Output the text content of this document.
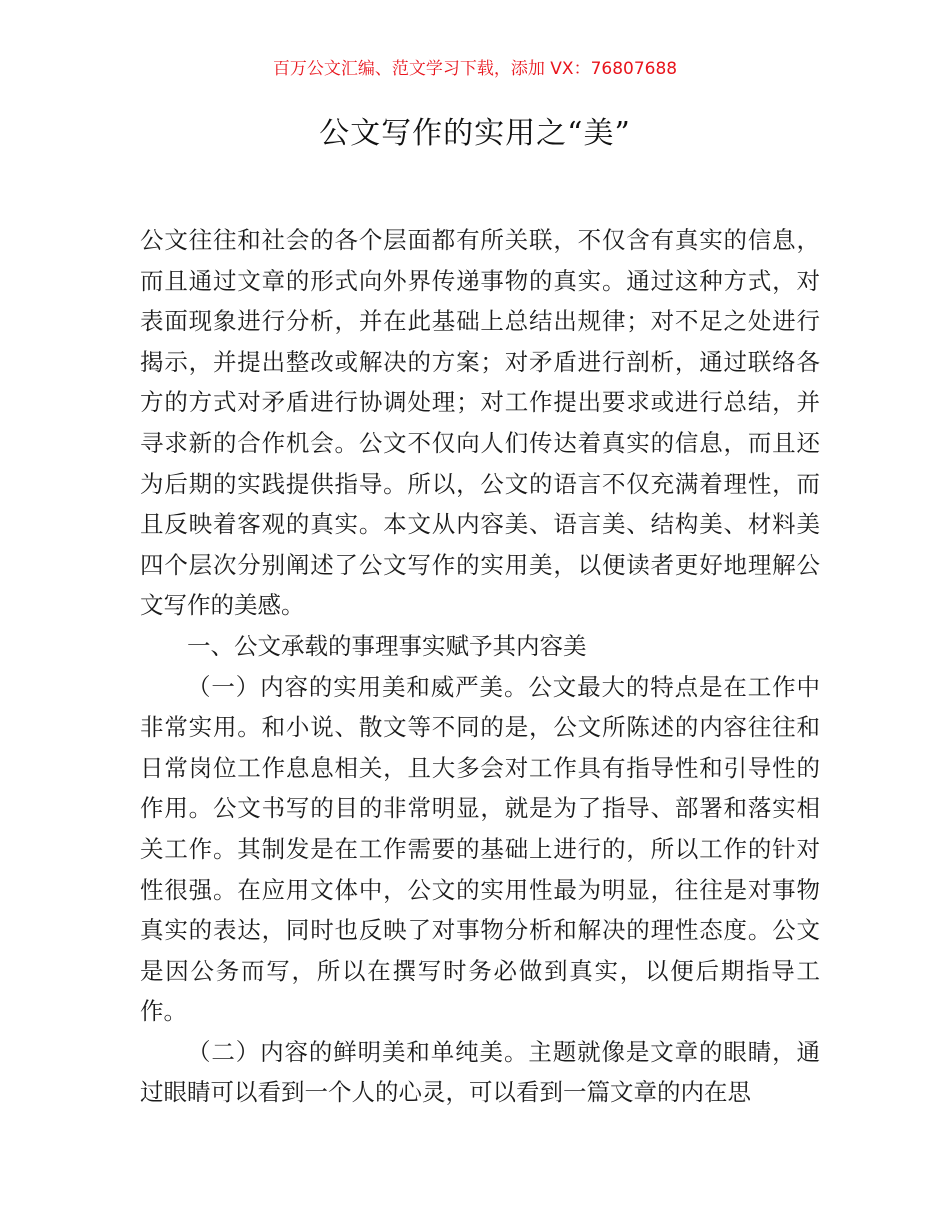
百万公文汇编、范文学习下载，添加 VX：76807688
公文写作的实用之“美”

公文往往和社会的各个层面都有所关联，不仅含有真实的信息，而且通过文章的形式向外界传递事物的真实。通过这种方式，对表面现象进行分析，并在此基础上总结出规律；对不足之处进行揭示，并提出整改或解决的方案；对矛盾进行剖析，通过联络各方的方式对矛盾进行协调处理；对工作提出要求或进行总结，并寻求新的合作机会。公文不仅向人们传达着真实的信息，而且还为后期的实践提供指导。所以，公文的语言不仅充满着理性，而且反映着客观的真实。本文从内容美、语言美、结构美、材料美四个层次分别阐述了公文写作的实用美，以便读者更好地理解公文写作的美感。

一、公文承载的事理事实赋予其内容美

（一）内容的实用美和威严美。公文最大的特点是在工作中非常实用。和小说、散文等不同的是，公文所陈述的内容往往和日常岗位工作息息相关，且大多会对工作具有指导性和引导性的作用。公文书写的目的非常明显，就是为了指导、部署和落实相关工作。其制发是在工作需要的基础上进行的，所以工作的针对性很强。在应用文体中，公文的实用性最为明显，往往是对事物真实的表达，同时也反映了对事物分析和解决的理性态度。公文是因公务而写，所以在撰写时务必做到真实，以便后期指导工作。

（二）内容的鲜明美和单纯美。主题就像是文章的眼睛，通过眼睛可以看到一个人的心灵，可以看到一篇文章的内在思
